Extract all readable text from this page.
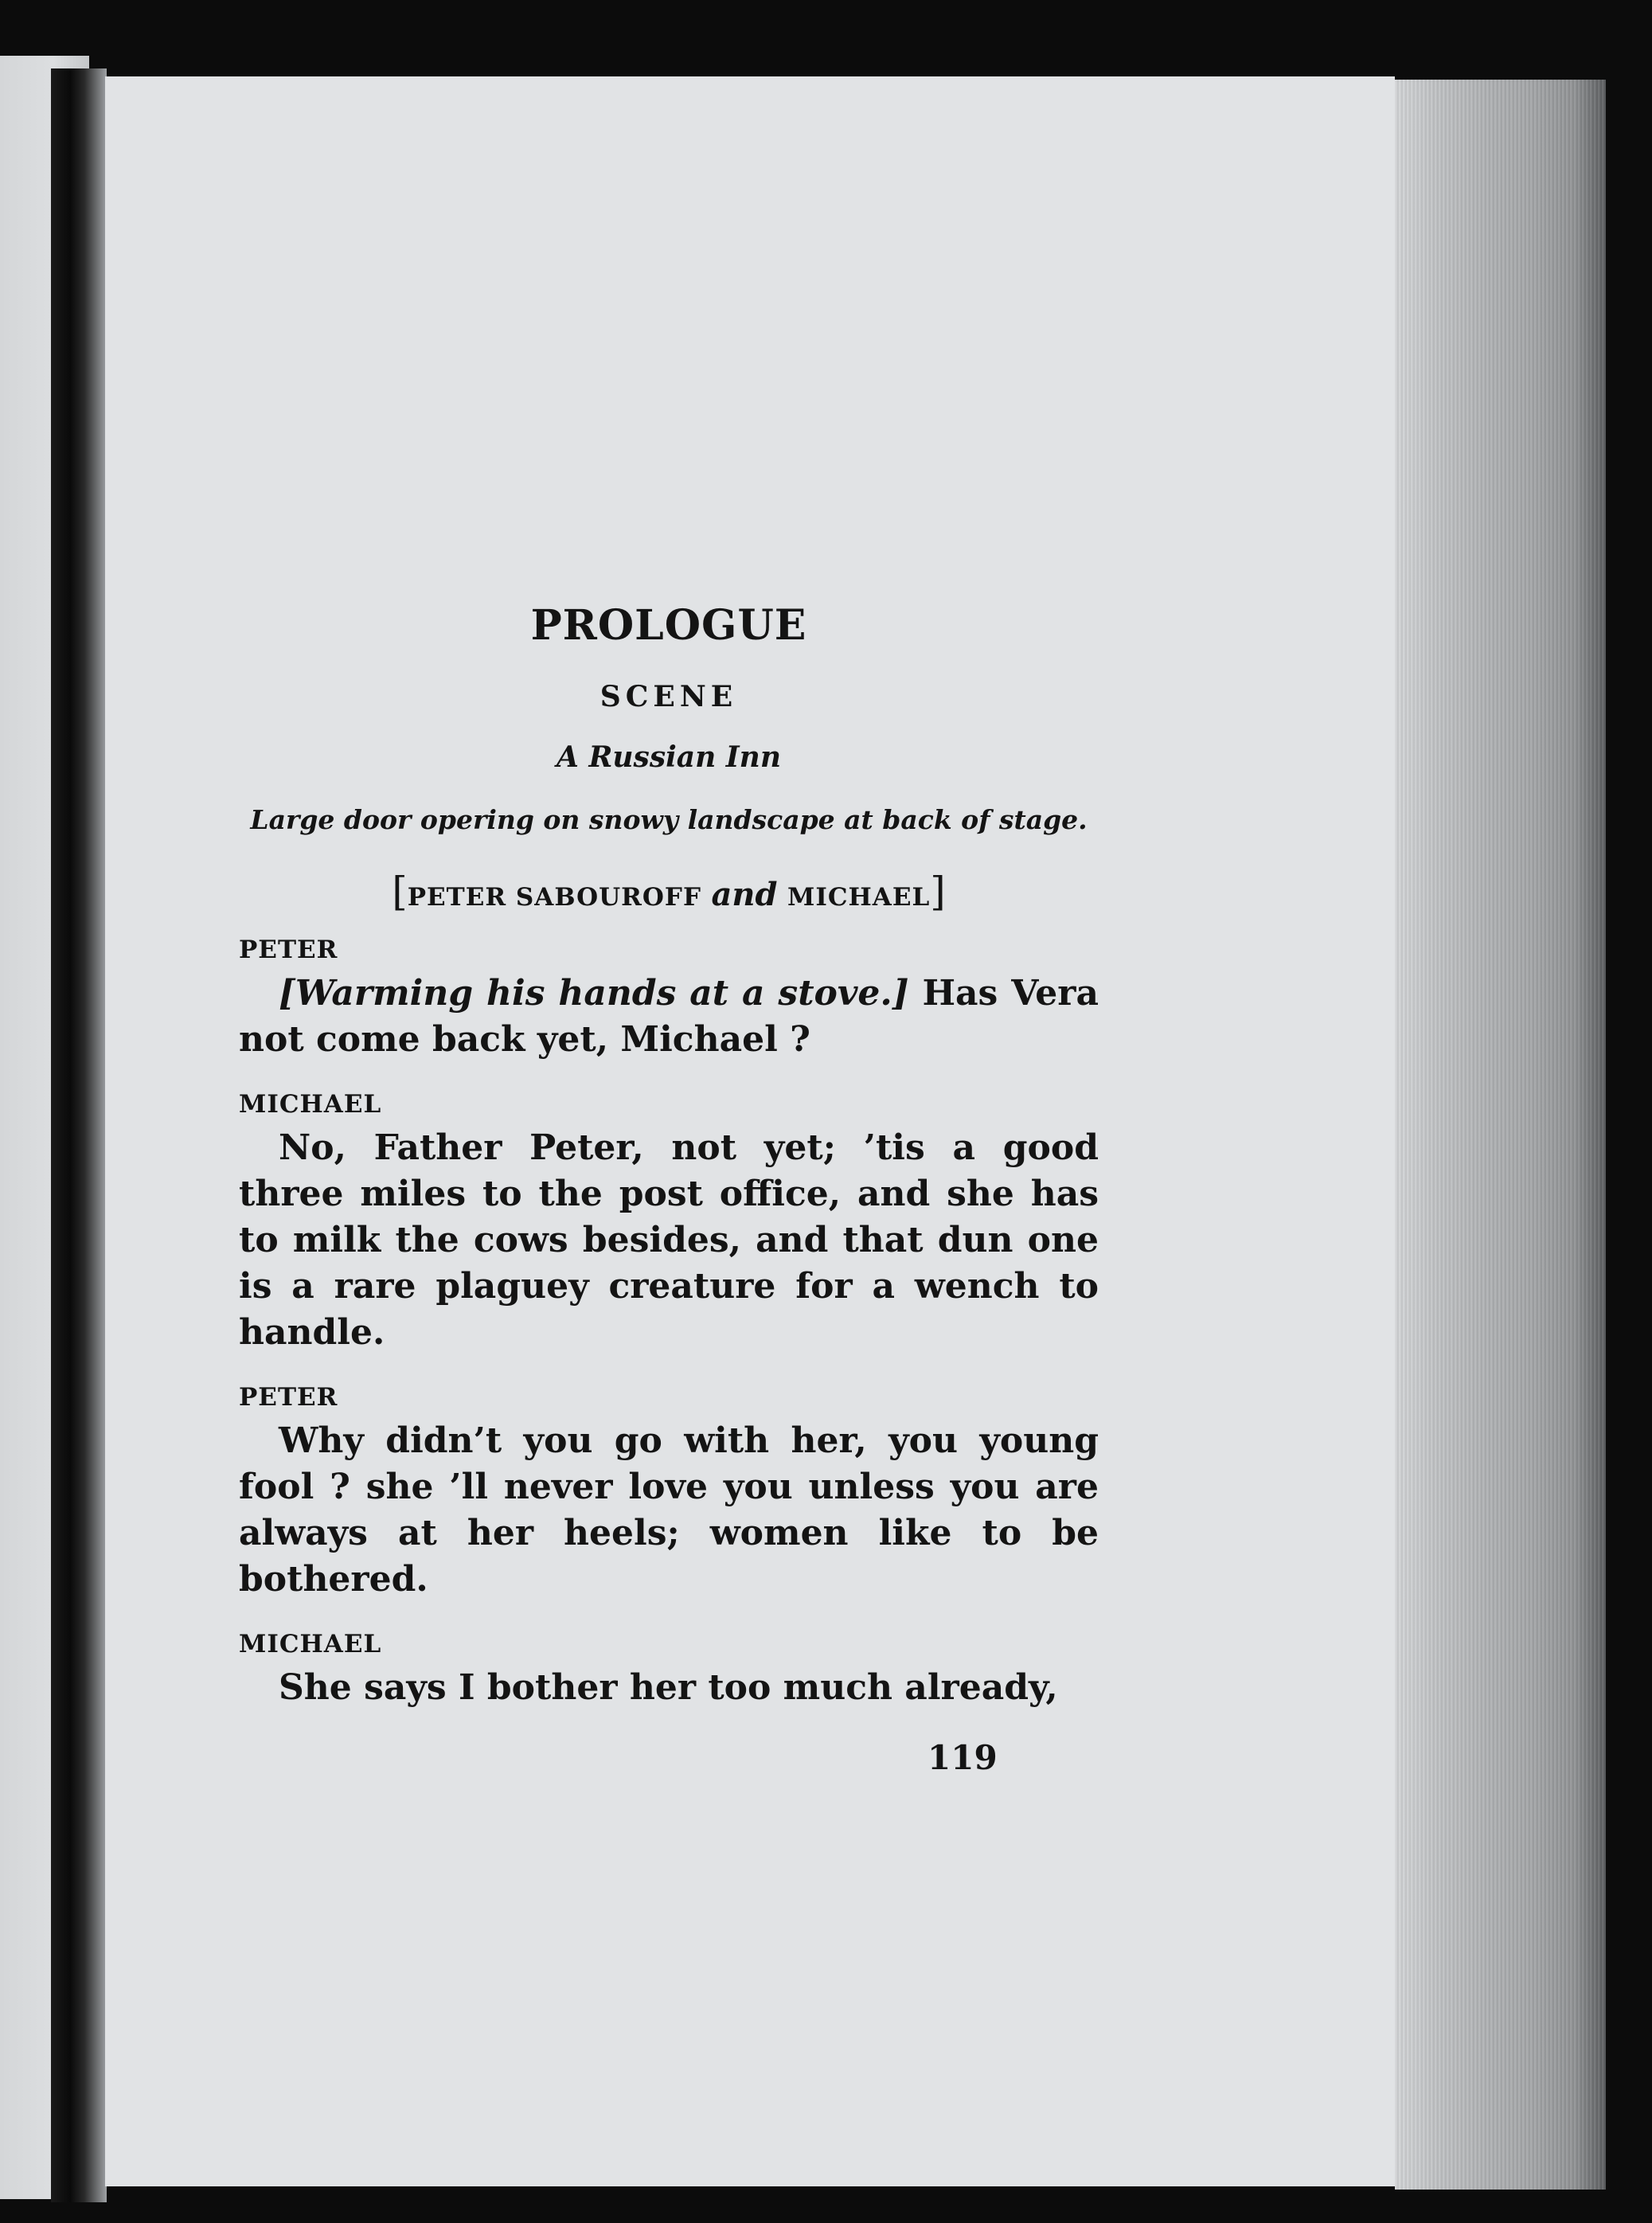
PROLOGUE
SCENE
A Russian Inn
Large door opering on snowy landscape at back of stage.
[PETER SABOUROFF and MICHAEL]
PETER
[Warming his hands at a stove.] Has Vera not come back yet, Michael ?
MICHAEL
No, Father Peter, not yet; ’tis a good three miles to the post office, and she has to milk the cows besides, and that dun one is a rare plaguey creature for a wench to handle.
PETER
Why didn’t you go with her, you young fool ? she ’ll never love you unless you are always at her heels; women like to be bothered.
MICHAEL
She says I bother her too much already,
119
